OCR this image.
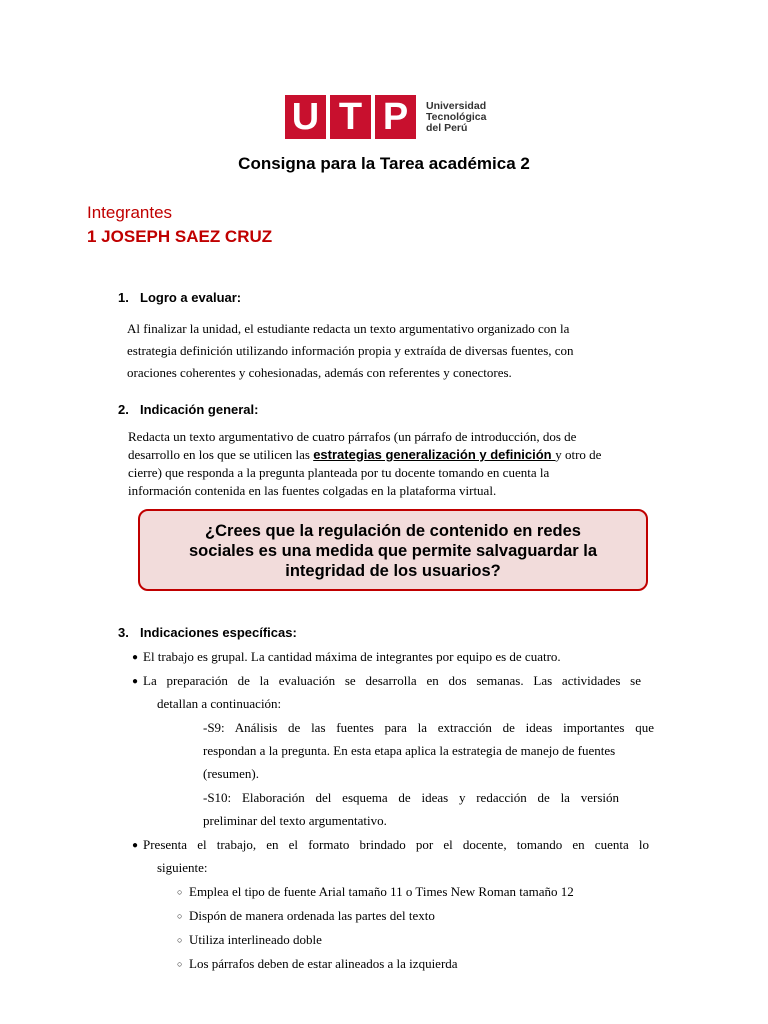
U T P	Universidad
Tecnológica
del Perú
Consigna para la Tarea académica 2
Integrantes
1 JOSEPH SAEZ CRUZ
1. Logro a evaluar:
Al finalizar la unidad, el estudiante redacta un texto argumentativo organizado con la
estrategia definición utilizando información propia y extraída de diversas fuentes, con
oraciones coherentes y cohesionadas, además con referentes y conectores.
2. Indicación general:
Redacta un texto argumentativo de cuatro párrafos (un párrafo de introducción, dos de
desarrollo en los que se utilicen las estrategias generalización y definición y otro de
cierre) que responda a la pregunta planteada por tu docente tomando en cuenta la
información contenida en las fuentes colgadas en la plataforma virtual.
¿Crees que la regulación de contenido en redes
sociales es una medida que permite salvaguardar la
integridad de los usuarios?
3. Indicaciones específicas:
● El trabajo es grupal. La cantidad máxima de integrantes por equipo es de cuatro.
● La preparación de la evaluación se desarrolla en dos semanas. Las actividades se
detallan a continuación:
-S9: Análisis de las fuentes para la extracción de ideas importantes que
respondan a la pregunta. En esta etapa aplica la estrategia de manejo de fuentes
(resumen).
-S10: Elaboración del esquema de ideas y redacción de la versión
preliminar del texto argumentativo.
● Presenta el trabajo, en el formato brindado por el docente, tomando en cuenta lo
siguiente:
○ Emplea el tipo de fuente Arial tamaño 11 o Times New Roman tamaño 12
○ Dispón de manera ordenada las partes del texto
○ Utiliza interlineado doble
○ Los párrafos deben de estar alineados a la izquierda
